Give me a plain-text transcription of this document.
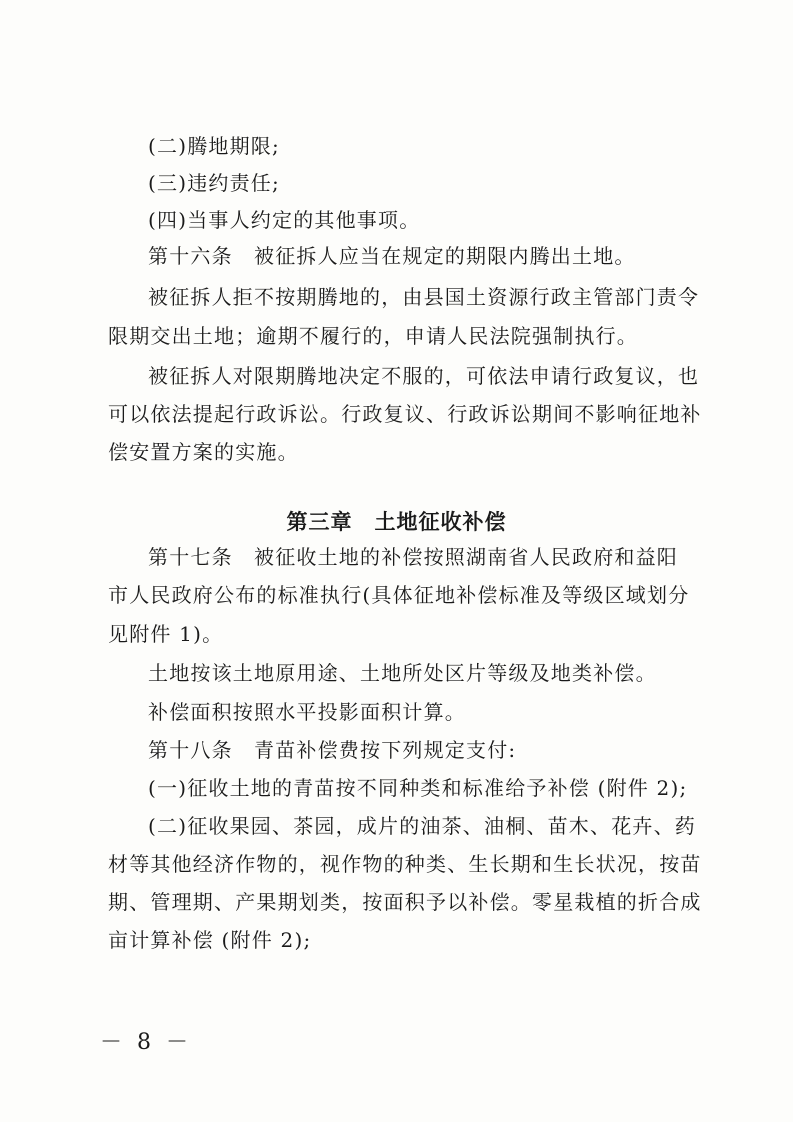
(二)腾地期限;

(三)违约责任;

(四)当事人约定的其他事项。

第十六条　被征拆人应当在规定的期限内腾出土地。

被征拆人拒不按期腾地的，由县国土资源行政主管部门责令

限期交出土地；逾期不履行的，申请人民法院强制执行。

被征拆人对限期腾地决定不服的，可依法申请行政复议，也

可以依法提起行政诉讼。行政复议、行政诉讼期间不影响征地补

偿安置方案的实施。

第三章　土地征收补偿

第十七条　被征收土地的补偿按照湖南省人民政府和益阳

市人民政府公布的标准执行(具体征地补偿标准及等级区域划分

见附件 1)。

土地按该土地原用途、土地所处区片等级及地类补偿。

补偿面积按照水平投影面积计算。

第十八条　青苗补偿费按下列规定支付:

(一)征收土地的青苗按不同种类和标准给予补偿 (附件 2);

(二)征收果园、茶园，成片的油茶、油桐、苗木、花卉、药

材等其他经济作物的，视作物的种类、生长期和生长状况，按苗

期、管理期、产果期划类，按面积予以补偿。零星栽植的折合成

亩计算补偿 (附件 2);

－ 8 －
